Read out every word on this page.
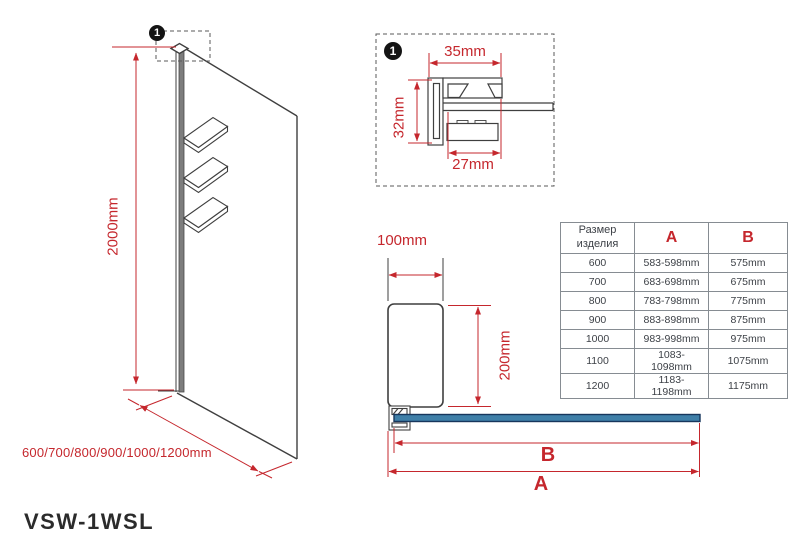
1
1
2000mm
600/700/800/900/1000/1200mm
VSW-1WSL
35mm
32mm
27mm
100mm
200mm
B
A
Размер
изделия	A	B
600	583-598mm	575mm
700	683-698mm	675mm
800	783-798mm	775mm
900	883-898mm	875mm
1000	983-998mm	975mm
1100	1083-1098mm	1075mm
1200	1183-1198mm	1175mm
